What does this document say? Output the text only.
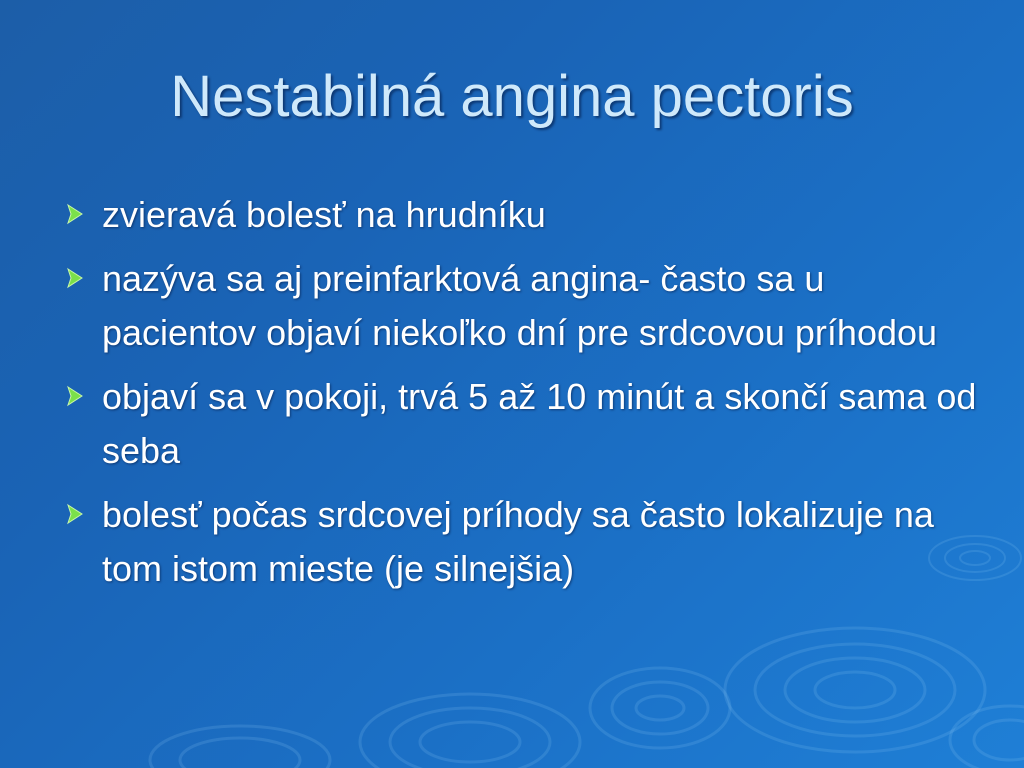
Nestabilná angina pectoris
zvieravá bolesť na hrudníku
nazýva sa aj preinfarktová angina- často sa u pacientov objaví niekoľko dní pre srdcovou príhodou
objaví sa v pokoji, trvá 5 až 10 minút a skončí sama od seba
bolesť počas srdcovej príhody sa často lokalizuje na tom istom mieste (je silnejšia)
